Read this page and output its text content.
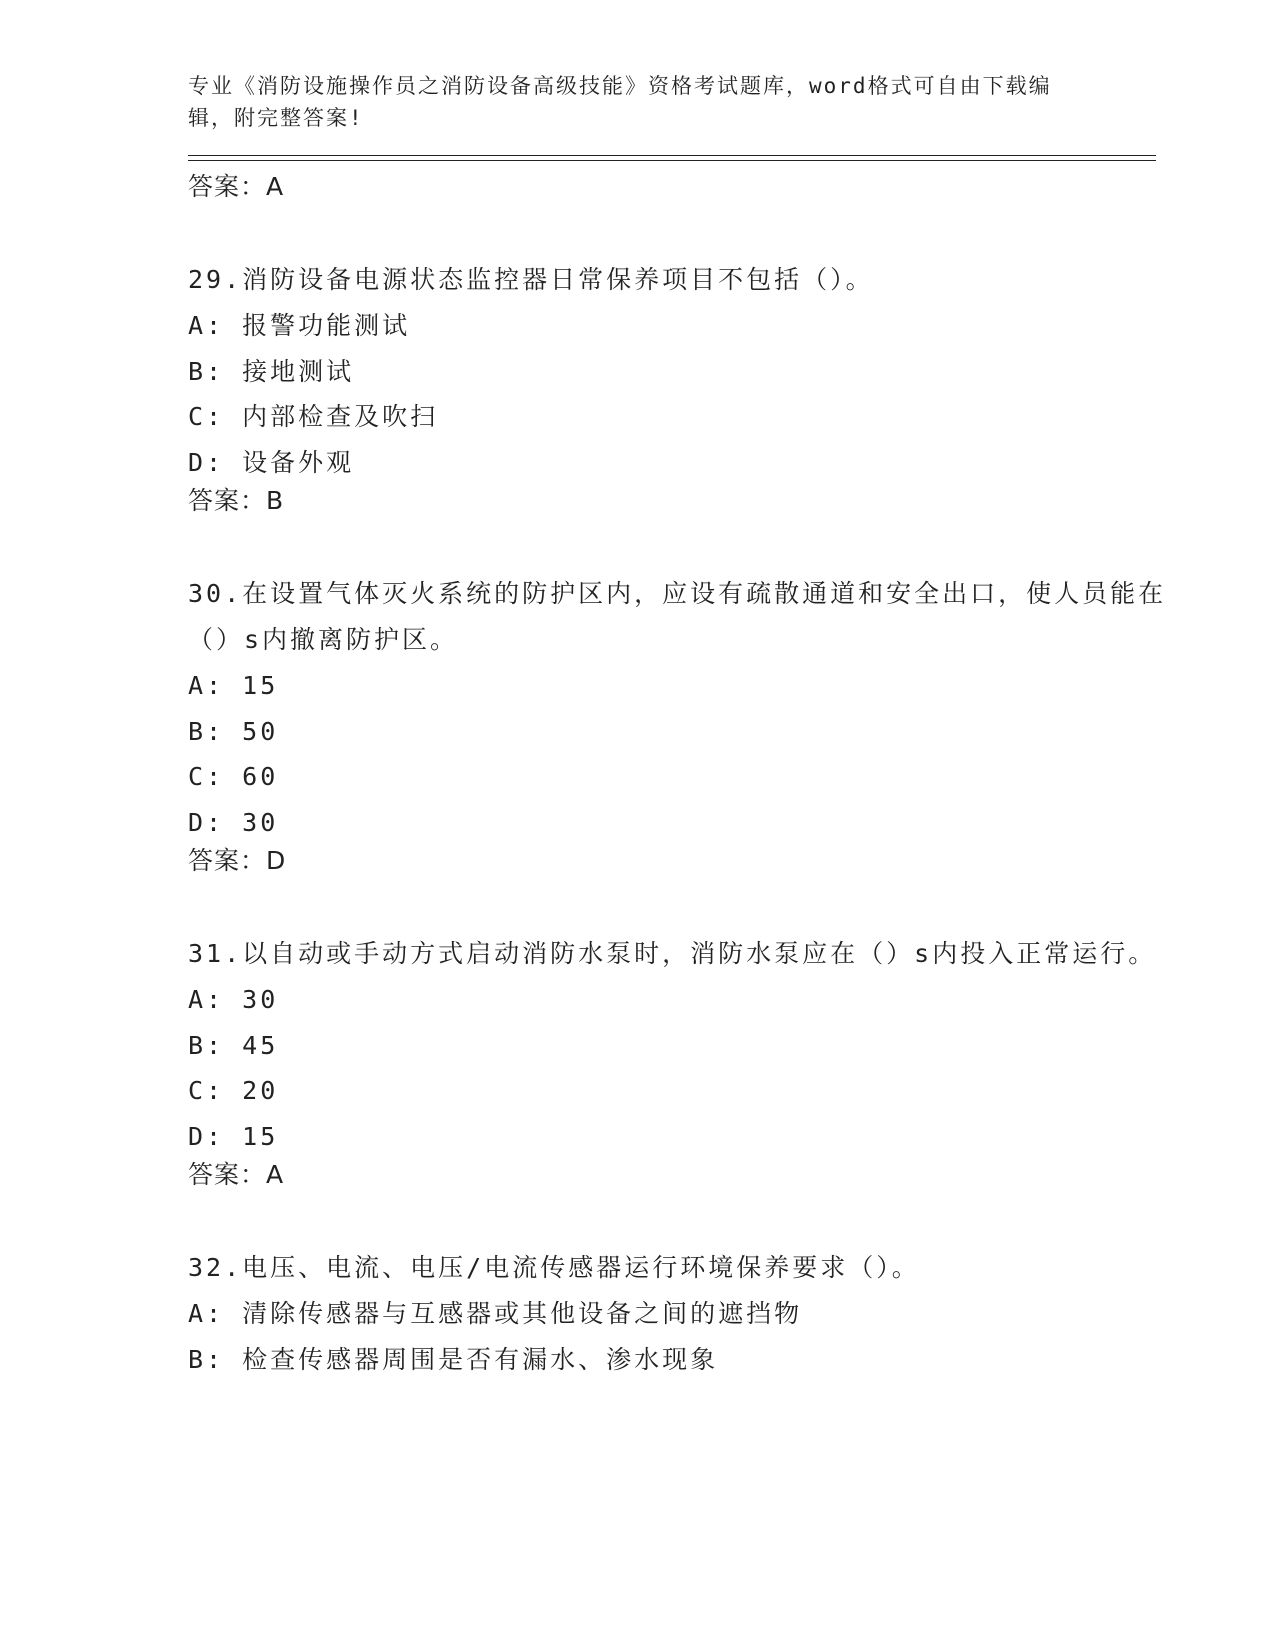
专业《消防设施操作员之消防设备高级技能》资格考试题库，word格式可自由下载编辑，附完整答案!

答案：A

29.消防设备电源状态监控器日常保养项目不包括（）。

A: 报警功能测试

B: 接地测试

C: 内部检查及吹扫

D: 设备外观

答案：B

30.在设置气体灭火系统的防护区内，应设有疏散通道和安全出口，使人员能在（）s内撤离防护区。

A: 15

B: 50

C: 60

D: 30

答案：D

31.以自动或手动方式启动消防水泵时，消防水泵应在（）s内投入正常运行。

A: 30

B: 45

C: 20

D: 15

答案：A

32.电压、电流、电压/电流传感器运行环境保养要求（）。

A: 清除传感器与互感器或其他设备之间的遮挡物

B: 检查传感器周围是否有漏水、渗水现象
